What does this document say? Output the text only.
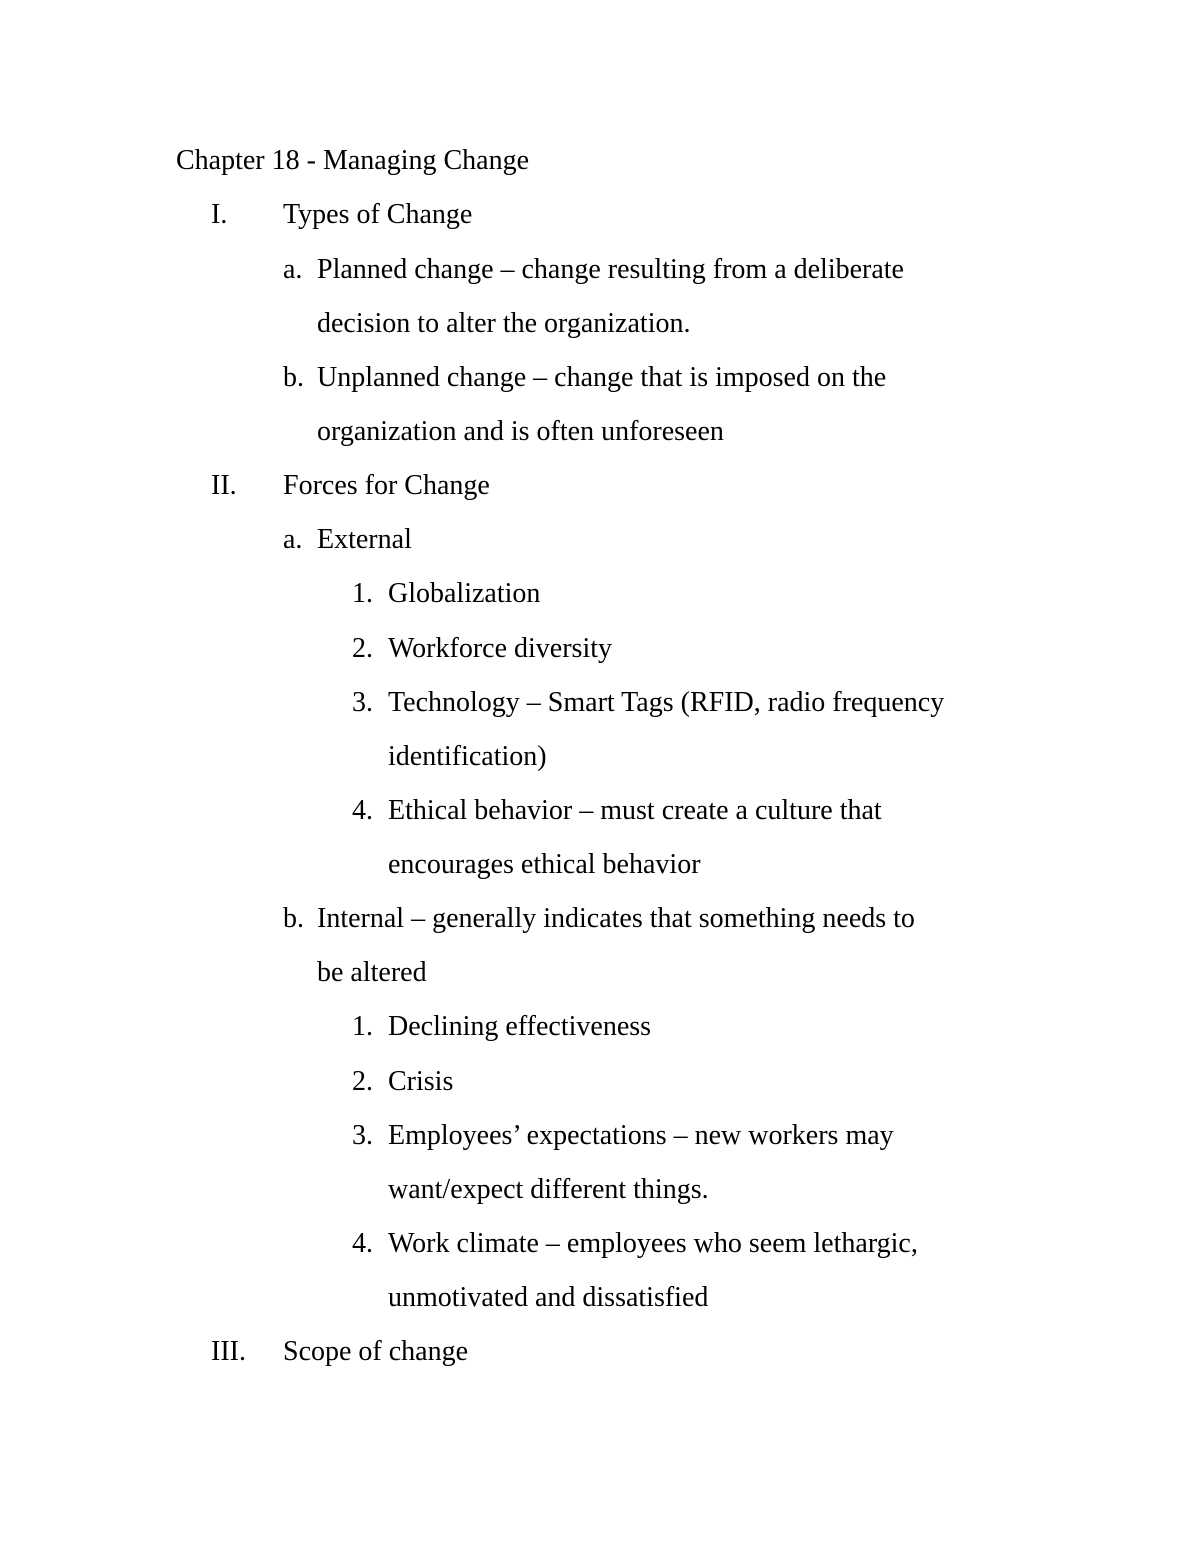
Chapter 18 - Managing Change
I. Types of Change
a. Planned change – change resulting from a deliberate
decision to alter the organization.
b. Unplanned change – change that is imposed on the
organization and is often unforeseen
II. Forces for Change
a. External
1. Globalization
2. Workforce diversity
3. Technology – Smart Tags (RFID, radio frequency
identification)
4. Ethical behavior – must create a culture that
encourages ethical behavior
b. Internal – generally indicates that something needs to
be altered
1. Declining effectiveness
2. Crisis
3. Employees’ expectations – new workers may
want/expect different things.
4. Work climate – employees who seem lethargic,
unmotivated and dissatisfied
III. Scope of change
